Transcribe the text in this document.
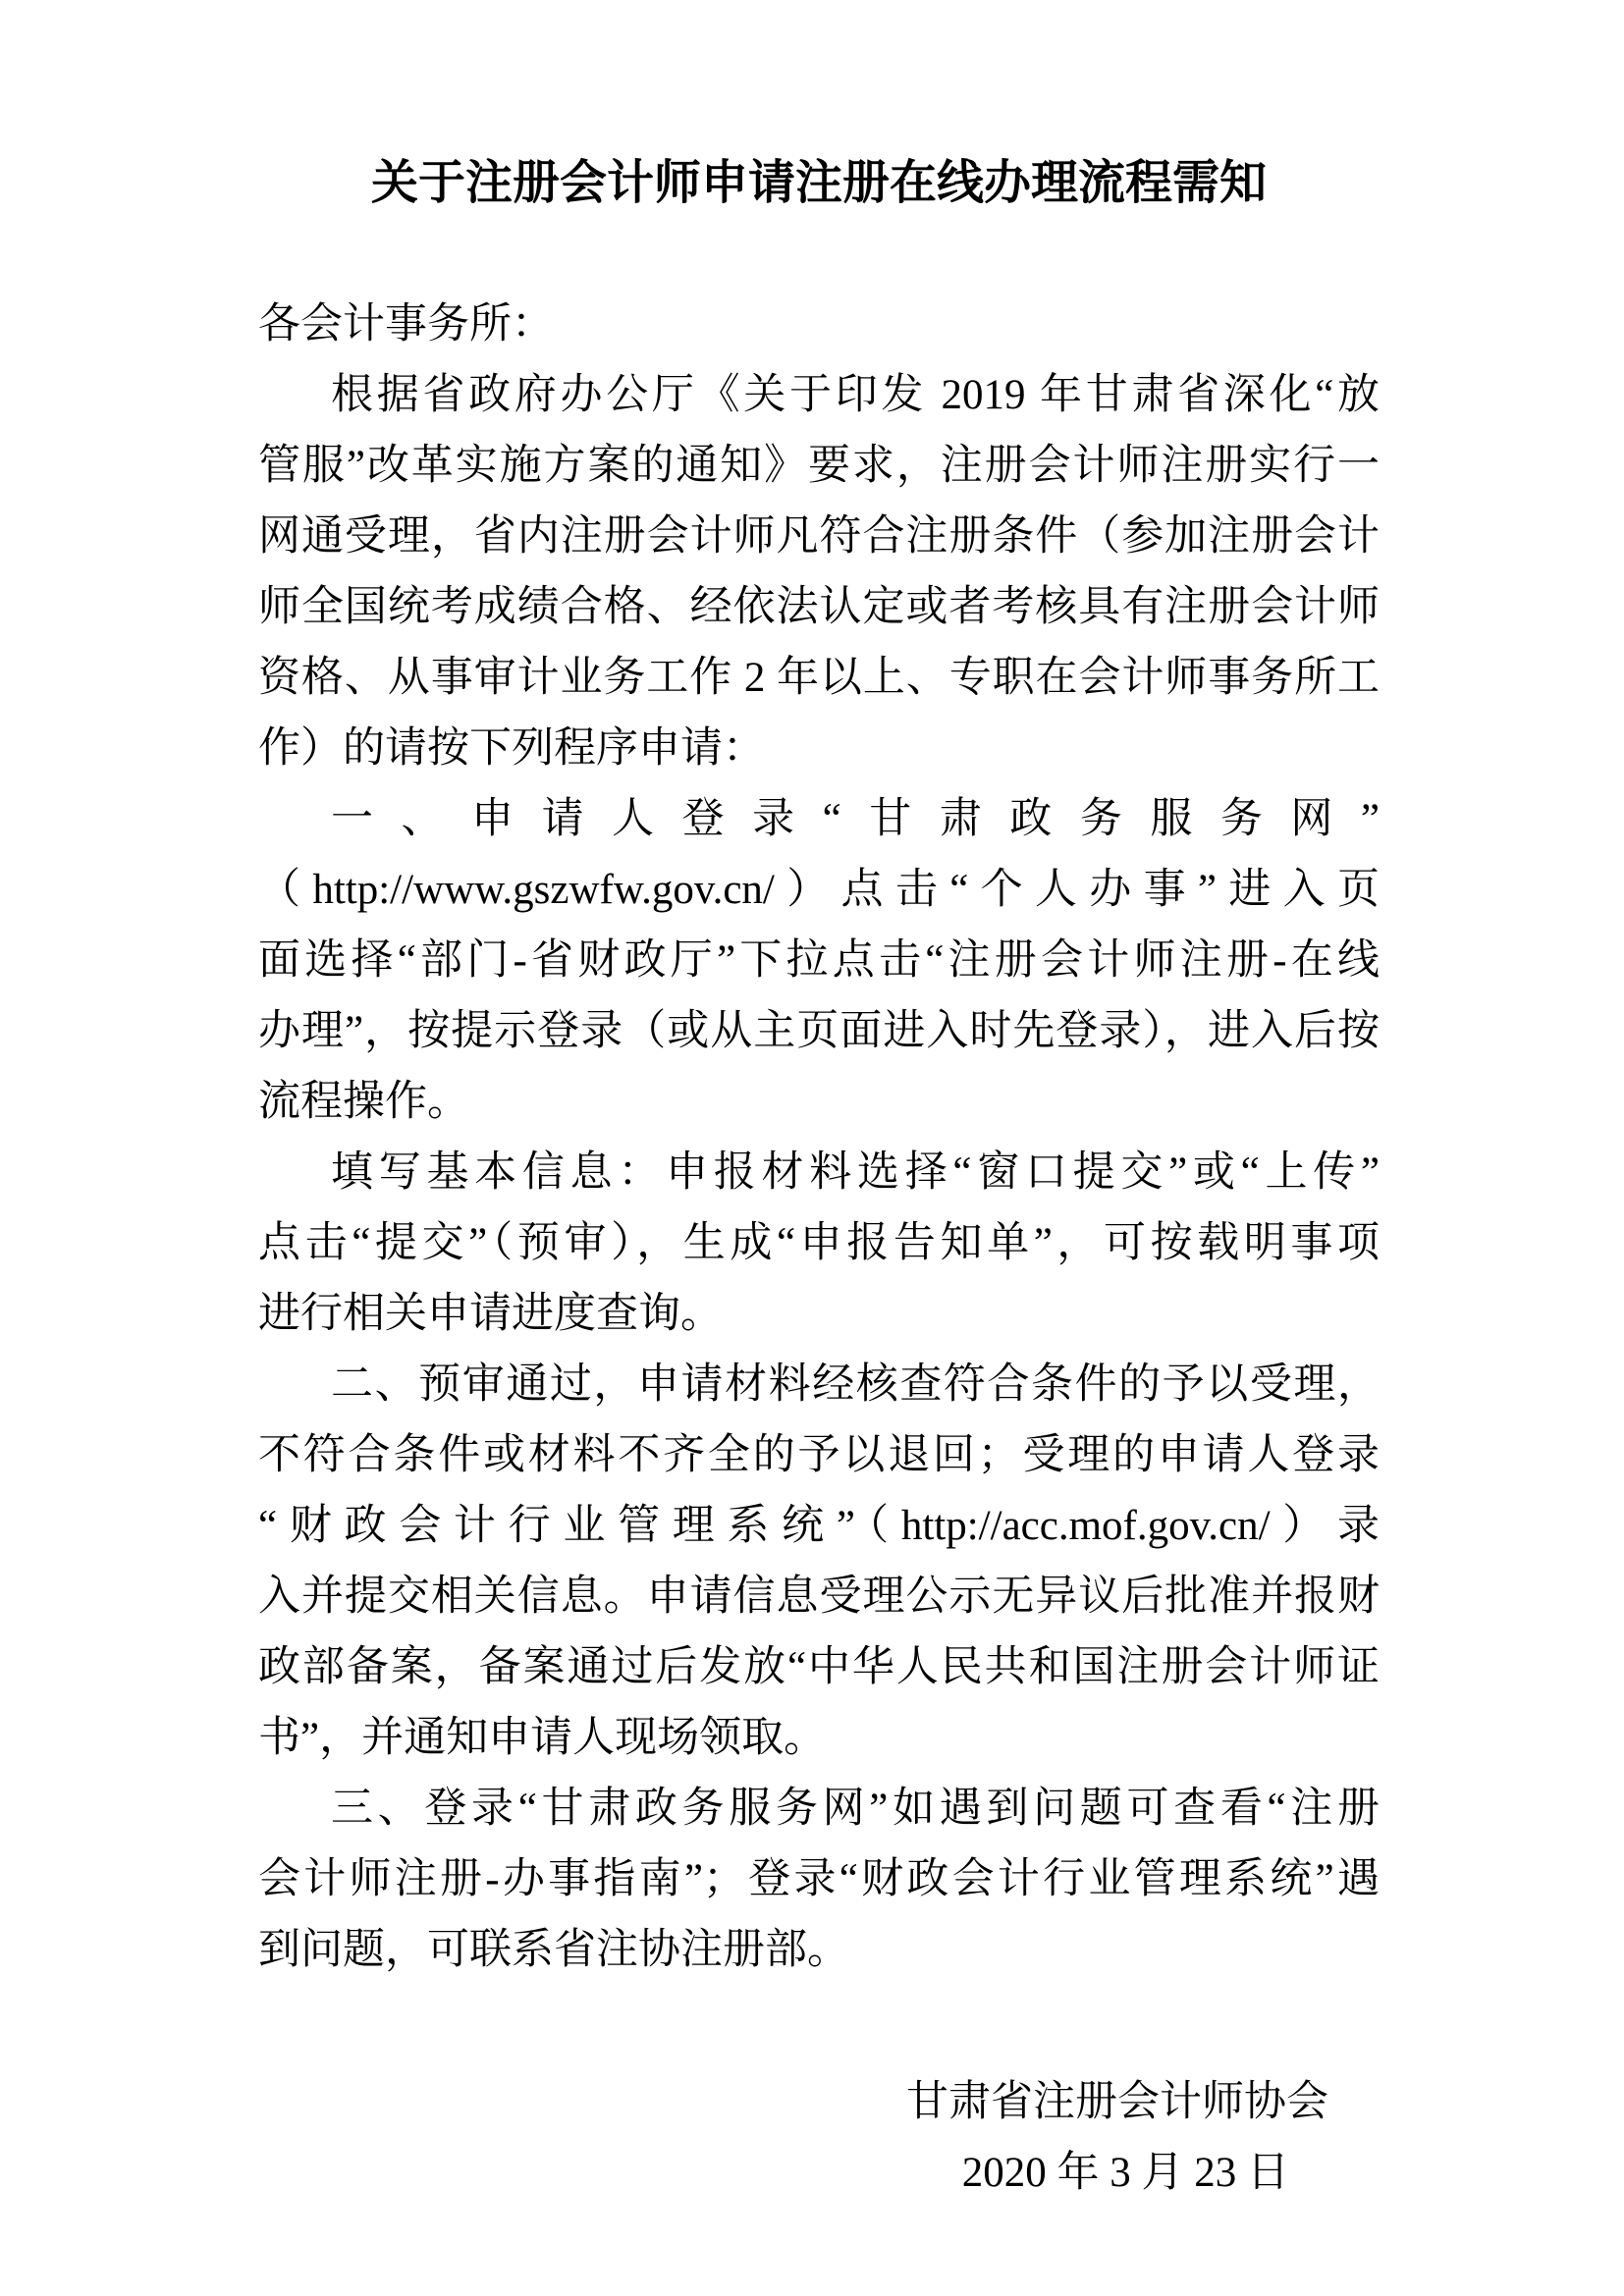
关于注册会计师申请注册在线办理流程需知
各会计事务所：
根据省政府办公厅《关于印发 2019 年甘肃省深化“放
管服”改革实施方案的通知》要求，注册会计师注册实行一
网通受理，省内注册会计师凡符合注册条件（参加注册会计
师全国统考成绩合格、经依法认定或者考核具有注册会计师
资格、从事审计业务工作 2 年以上、专职在会计师事务所工
作）的请按下列程序申请：
一、申请人登录“甘肃政务服务网”
（http://www.gszwfw.gov.cn/）点击“个人办事”进入页
面选择“部门-省财政厅”下拉点击“注册会计师注册-在线
办理”，按提示登录（或从主页面进入时先登录），进入后按
流程操作。
填写基本信息：申报材料选择“窗口提交”或“上传”
点击“提交”（预审），生成“申报告知单”，可按载明事项
进行相关申请进度查询。
二、预审通过，申请材料经核查符合条件的予以受理，
不符合条件或材料不齐全的予以退回；受理的申请人登录
“财政会计行业管理系统”（http://acc.mof.gov.cn/）录
入并提交相关信息。申请信息受理公示无异议后批准并报财
政部备案，备案通过后发放“中华人民共和国注册会计师证
书”，并通知申请人现场领取。
三、登录“甘肃政务服务网”如遇到问题可查看“注册
会计师注册-办事指南”；登录“财政会计行业管理系统”遇
到问题，可联系省注协注册部。
甘肃省注册会计师协会
2020 年 3 月 23 日
